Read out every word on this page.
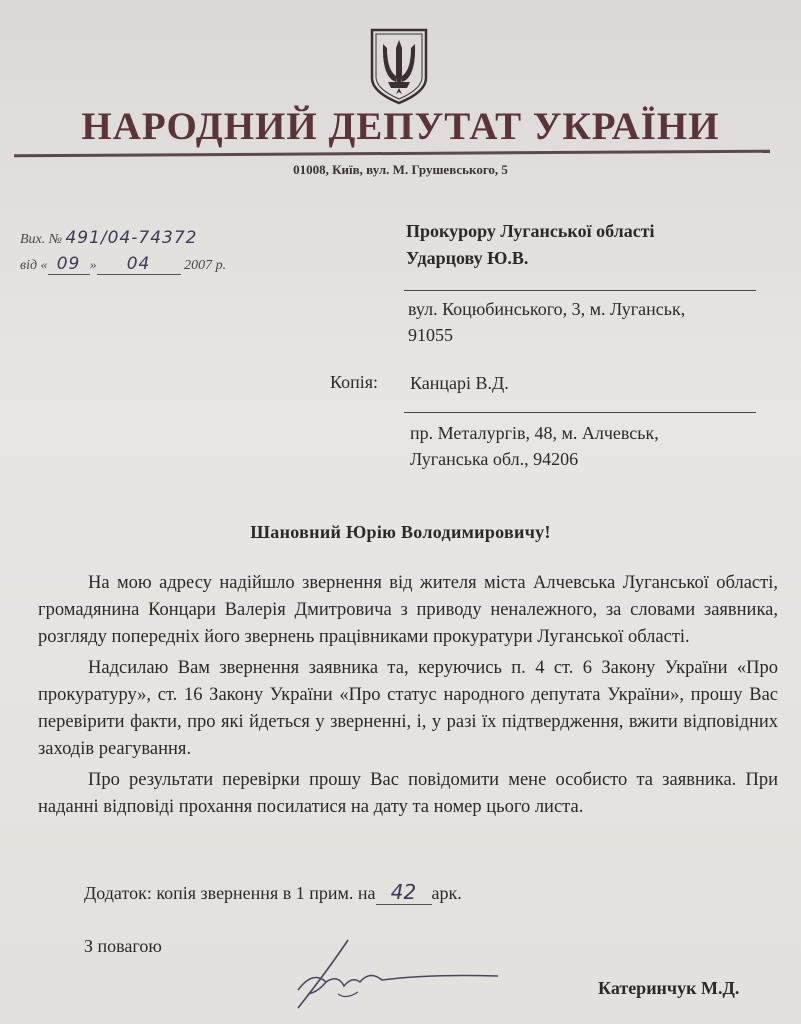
НАРОДНИЙ ДЕПУТАТ УКРАЇНИ
01008, Київ, вул. М. Грушевського, 5
Вих. № 491/04-74372
від « 09 » 04 2007 р.
Прокурору Луганської області
Ударцову Ю.В.
вул. Коцюбинського, 3, м. Луганськ,
91055
Копія: Канцарі В.Д.
пр. Металургів, 48, м. Алчевськ,
Луганська обл., 94206
Шановний Юрію Володимировичу!

На мою адресу надійшло звернення від жителя міста Алчевська Луганської області, громадянина Концари Валерія Дмитровича з приводу неналежного, за словами заявника, розгляду попередніх його звернень працівниками прокуратури Луганської області.

Надсилаю Вам звернення заявника та, керуючись п. 4 ст. 6 Закону України «Про прокуратуру», ст. 16 Закону України «Про статус народного депутата України», прошу Вас перевірити факти, про які йдеться у зверненні, і, у разі їх підтвердження, вжити відповідних заходів реагування.

Про результати перевірки прошу Вас повідомити мене особисто та заявника. При наданні відповіді прохання посилатися на дату та номер цього листа.

Додаток: копія звернення в 1 прим. на 42 арк.
З повагою
Катеринчук М.Д.
